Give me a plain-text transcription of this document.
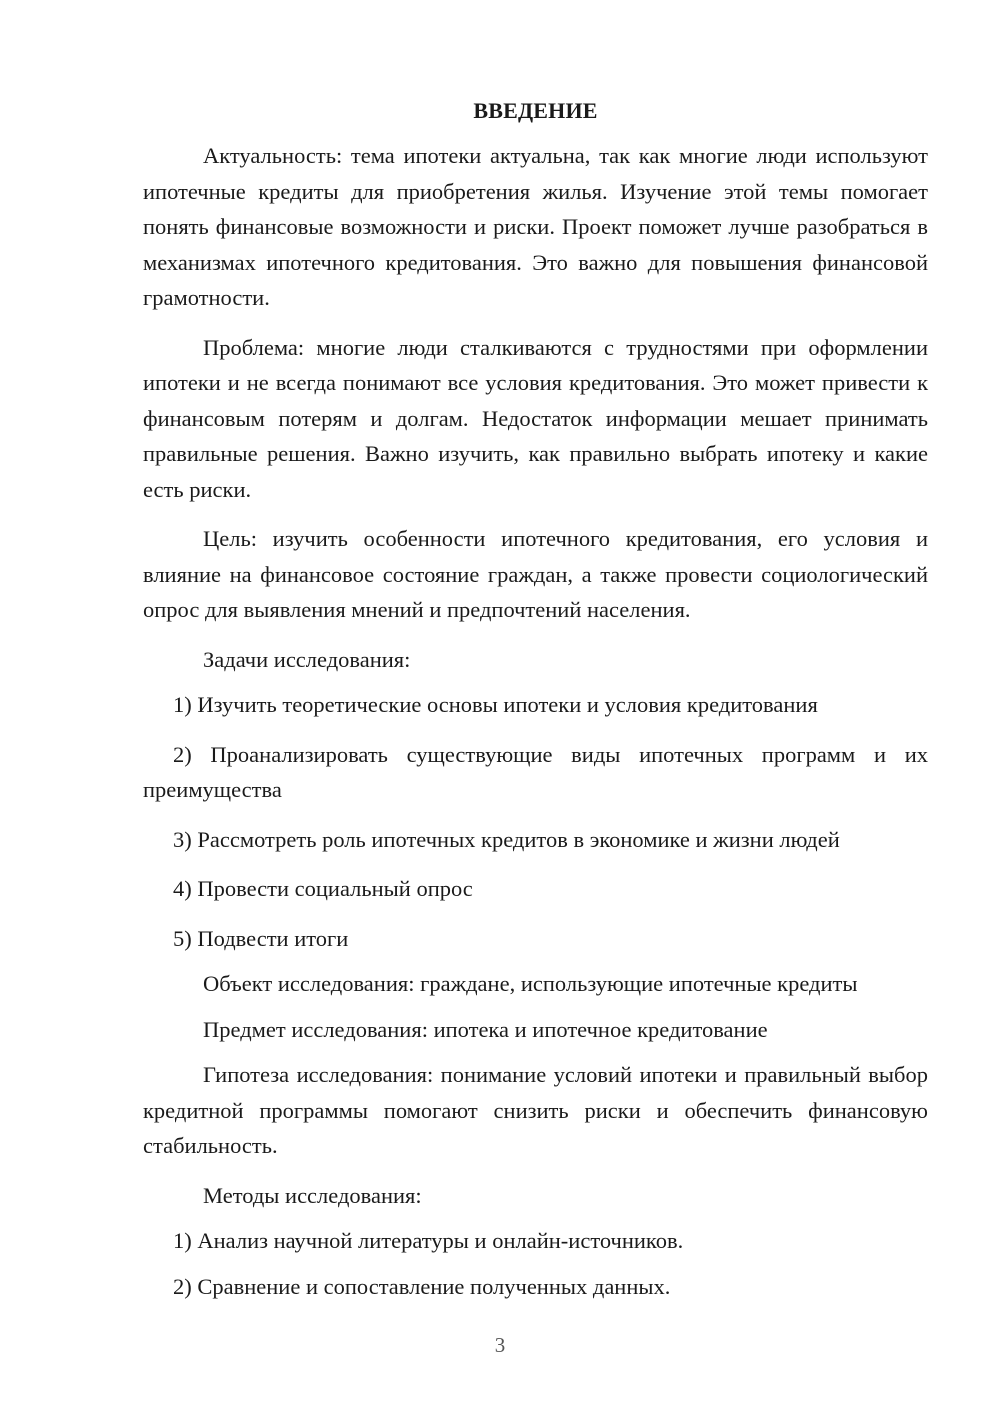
ВВЕДЕНИЕ

Актуальность: тема ипотеки актуальна, так как многие люди используют ипотечные кредиты для приобретения жилья. Изучение этой темы помогает понять финансовые возможности и риски. Проект поможет лучше разобраться в механизмах ипотечного кредитования. Это важно для повышения финансовой грамотности.

Проблема: многие люди сталкиваются с трудностями при оформлении ипотеки и не всегда понимают все условия кредитования. Это может привести к финансовым потерям и долгам. Недостаток информации мешает принимать правильные решения. Важно изучить, как правильно выбрать ипотеку и какие есть риски.

Цель: изучить особенности ипотечного кредитования, его условия и влияние на финансовое состояние граждан, а также провести социологический опрос для выявления мнений и предпочтений населения.

Задачи исследования:

1) Изучить теоретические основы ипотеки и условия кредитования

2) Проанализировать существующие виды ипотечных программ и их преимущества

3) Рассмотреть роль ипотечных кредитов в экономике и жизни людей

4) Провести социальный опрос

5) Подвести итоги

Объект исследования: граждане, использующие ипотечные кредиты

Предмет исследования: ипотека и ипотечное кредитование

Гипотеза исследования: понимание условий ипотеки и правильный выбор кредитной программы помогают снизить риски и обеспечить финансовую стабильность.

Методы исследования:

1) Анализ научной литературы и онлайн-источников.

2) Сравнение и сопоставление полученных данных.

3
